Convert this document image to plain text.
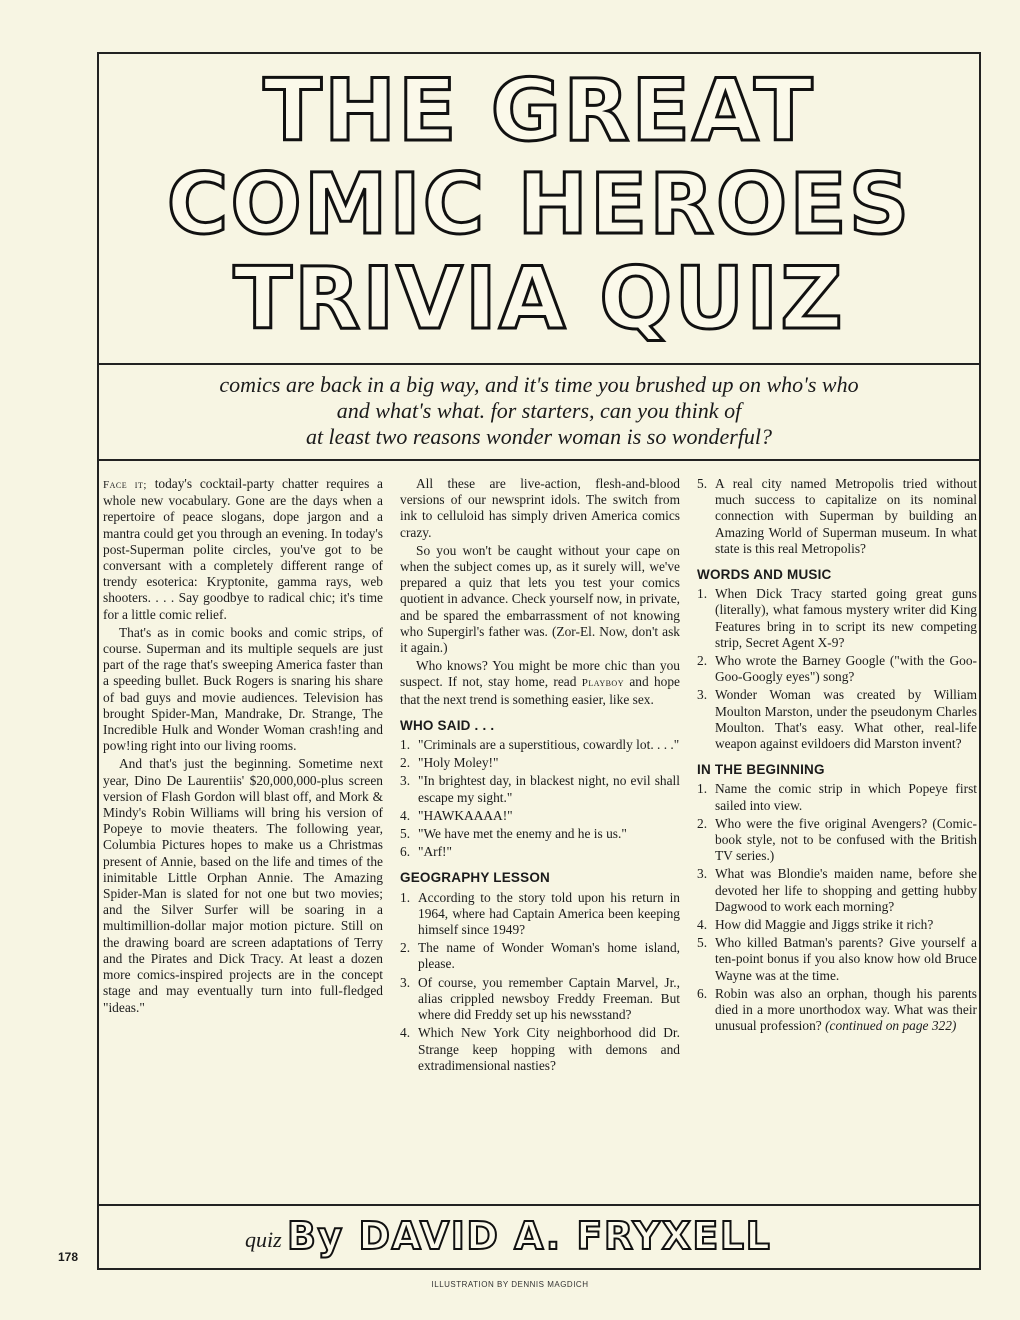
THE GREAT
COMIC HEROES
TRIVIA QUIZ

comics are back in a big way, and it's time you brushed up on who's who

and what's what. for starters, can you think of

at least two reasons wonder woman is so wonderful?

Face it; today's cocktail-party chatter requires a whole new vocabulary. Gone are the days when a repertoire of peace slogans, dope jargon and a mantra could get you through an evening. In today's post-Superman polite circles, you've got to be conversant with a completely different range of trendy esoterica: Kryptonite, gamma rays, web shooters. . . . Say goodbye to radical chic; it's time for a little comic relief.

That's as in comic books and comic strips, of course. Superman and its multiple sequels are just part of the rage that's sweeping America faster than a speeding bullet. Buck Rogers is snaring his share of bad guys and movie audiences. Television has brought Spider-Man, Mandrake, Dr. Strange, The Incredible Hulk and Wonder Woman crash!ing and pow!ing right into our living rooms.

And that's just the beginning. Sometime next year, Dino De Laurentiis' $20,000,000-plus screen version of Flash Gordon will blast off, and Mork & Mindy's Robin Williams will bring his version of Popeye to movie theaters. The following year, Columbia Pictures hopes to make us a Christmas present of Annie, based on the life and times of the inimitable Little Orphan Annie. The Amazing Spider-Man is slated for not one but two movies; and the Silver Surfer will be soaring in a multimillion-dollar major motion picture. Still on the drawing board are screen adaptations of Terry and the Pirates and Dick Tracy. At least a dozen more comics-inspired projects are in the concept stage and may eventually turn into full-fledged "ideas."

All these are live-action, flesh-and-blood versions of our newsprint idols. The switch from ink to celluloid has simply driven America comics crazy.

So you won't be caught without your cape on when the subject comes up, as it surely will, we've prepared a quiz that lets you test your comics quotient in advance. Check yourself now, in private, and be spared the embarrassment of not knowing who Supergirl's father was. (Zor-El. Now, don't ask it again.)

Who knows? You might be more chic than you suspect. If not, stay home, read Playboy and hope that the next trend is something easier, like sex.

WHO SAID . . .
1. "Criminals are a superstitious, cowardly lot. . . ."
2. "Holy Moley!"
3. "In brightest day, in blackest night, no evil shall escape my sight."
4. "HAWKAAAA!"
5. "We have met the enemy and he is us."
6. "Arf!"
GEOGRAPHY LESSON
1. According to the story told upon his return in 1964, where had Captain America been keeping himself since 1949?
2. The name of Wonder Woman's home island, please.
3. Of course, you remember Captain Marvel, Jr., alias crippled newsboy Freddy Freeman. But where did Freddy set up his newsstand?
4. Which New York City neighborhood did Dr. Strange keep hopping with demons and extradimensional nasties?
5. A real city named Metropolis tried without much success to capitalize on its nominal connection with Superman by building an Amazing World of Superman museum. In what state is this real Metropolis?
WORDS AND MUSIC
1. When Dick Tracy started going great guns (literally), what famous mystery writer did King Features bring in to script its new competing strip, Secret Agent X-9?
2. Who wrote the Barney Google ("with the Goo-Goo-Googly eyes") song?
3. Wonder Woman was created by William Moulton Marston, under the pseudonym Charles Moulton. That's easy. What other, real-life weapon against evildoers did Marston invent?
IN THE BEGINNING
1. Name the comic strip in which Popeye first sailed into view.
2. Who were the five original Avengers? (Comic-book style, not to be confused with the British TV series.)
3. What was Blondie's maiden name, before she devoted her life to shopping and getting hubby Dagwood to work each morning?
4. How did Maggie and Jiggs strike it rich?
5. Who killed Batman's parents? Give yourself a ten-point bonus if you also know how old Bruce Wayne was at the time.
6. Robin was also an orphan, though his parents died in a more unorthodox way. What was their unusual profession? (continued on page 322)
quiz By DAVID A. FRYXELL
178
ILLUSTRATION BY DENNIS MAGDICH
